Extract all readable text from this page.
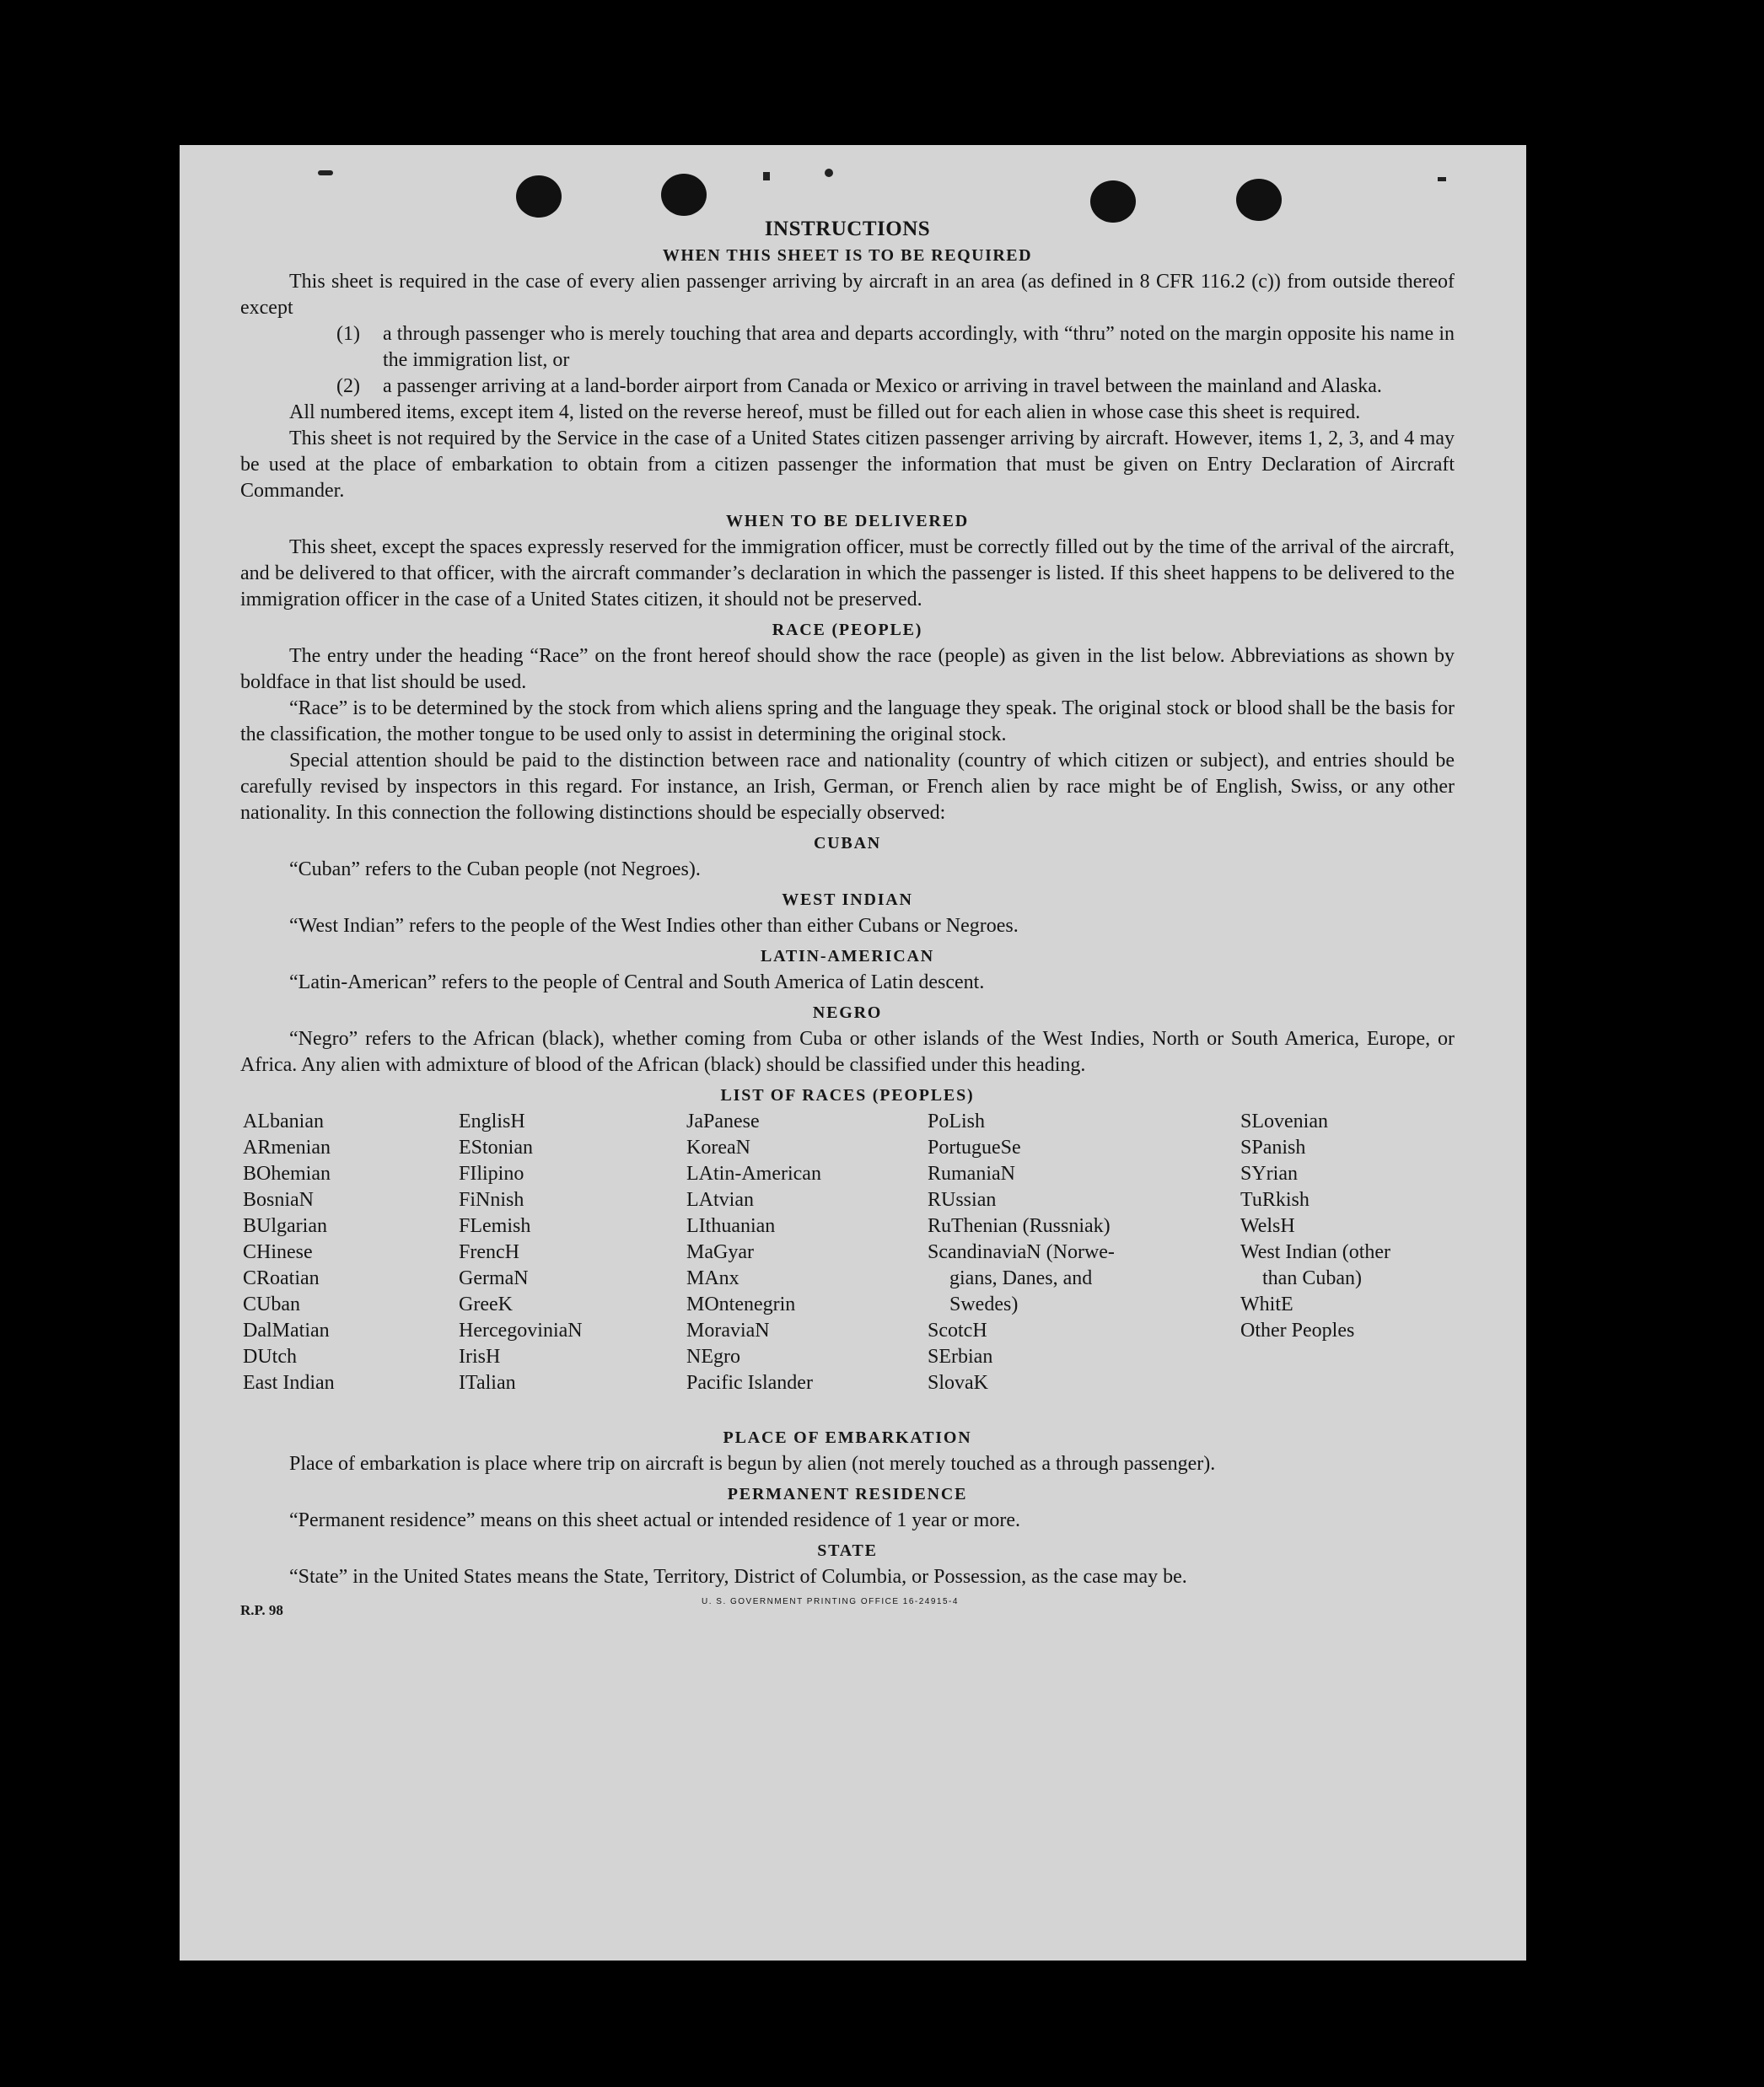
INSTRUCTIONS
WHEN THIS SHEET IS TO BE REQUIRED

This sheet is required in the case of every alien passenger arriving by aircraft in an area (as defined in 8 CFR 116.2 (c)) from outside thereof except

(1)	a through passenger who is merely touching that area and departs accordingly, with “thru” noted on the margin opposite his name in the immigration list, or
(2)	a passenger arriving at a land-border airport from Canada or Mexico or arriving in travel between the mainland and Alaska.

All numbered items, except item 4, listed on the reverse hereof, must be filled out for each alien in whose case this sheet is required.

This sheet is not required by the Service in the case of a United States citizen passenger arriving by aircraft. However, items 1, 2, 3, and 4 may be used at the place of embarkation to obtain from a citizen passenger the information that must be given on Entry Declaration of Aircraft Commander.

WHEN TO BE DELIVERED

This sheet, except the spaces expressly reserved for the immigration officer, must be correctly filled out by the time of the arrival of the aircraft, and be delivered to that officer, with the aircraft commander’s declaration in which the passenger is listed. If this sheet happens to be delivered to the immigration officer in the case of a United States citizen, it should not be preserved.

RACE (PEOPLE)

The entry under the heading “Race” on the front hereof should show the race (people) as given in the list below. Abbreviations as shown by boldface in that list should be used.

“Race” is to be determined by the stock from which aliens spring and the language they speak. The original stock or blood shall be the basis for the classification, the mother tongue to be used only to assist in determining the original stock.

Special attention should be paid to the distinction between race and nationality (country of which citizen or subject), and entries should be carefully revised by inspectors in this regard. For instance, an Irish, German, or French alien by race might be of English, Swiss, or any other nationality. In this connection the following distinctions should be especially observed:

CUBAN

“Cuban” refers to the Cuban people (not Negroes).

WEST INDIAN

“West Indian” refers to the people of the West Indies other than either Cubans or Negroes.

LATIN-AMERICAN

“Latin-American” refers to the people of Central and South America of Latin descent.

NEGRO

“Negro” refers to the African (black), whether coming from Cuba or other islands of the West Indies, North or South America, Europe, or Africa. Any alien with admixture of blood of the African (black) should be classified under this heading.

LIST OF RACES (PEOPLES)
ALbanian
ARmenian
BOhemian
BosniaN
BUlgarian
CHinese
CRoatian
CUban
DalMatian
DUtch
East Indian
EnglisH
EStonian
FIlipino
FiNnish
FLemish
FrencH
GermaN
GreeK
HercegoviniaN
IrisH
ITalian
JaPanese
KoreaN
LAtin-American
LAtvian
LIthuanian
MaGyar
MAnx
MOntenegrin
MoraviaN
NEgro
Pacific Islander
PoLish
PortugueSe
RumaniaN
RUssian
RuThenian (Russniak)
ScandinaviaN (Norwe-
gians, Danes, and
Swedes)
ScotcH
SErbian
SlovaK
SLovenian
SPanish
SYrian
TuRkish
WelsH
West Indian (other
than Cuban)
WhitE
Other Peoples
PLACE OF EMBARKATION

Place of embarkation is place where trip on aircraft is begun by alien (not merely touched as a through passenger).

PERMANENT RESIDENCE

“Permanent residence” means on this sheet actual or intended residence of 1 year or more.

STATE

“State” in the United States means the State, Territory, District of Columbia, or Possession, as the case may be.

R.P. 98
U. S. GOVERNMENT PRINTING OFFICE 16-24915-4
